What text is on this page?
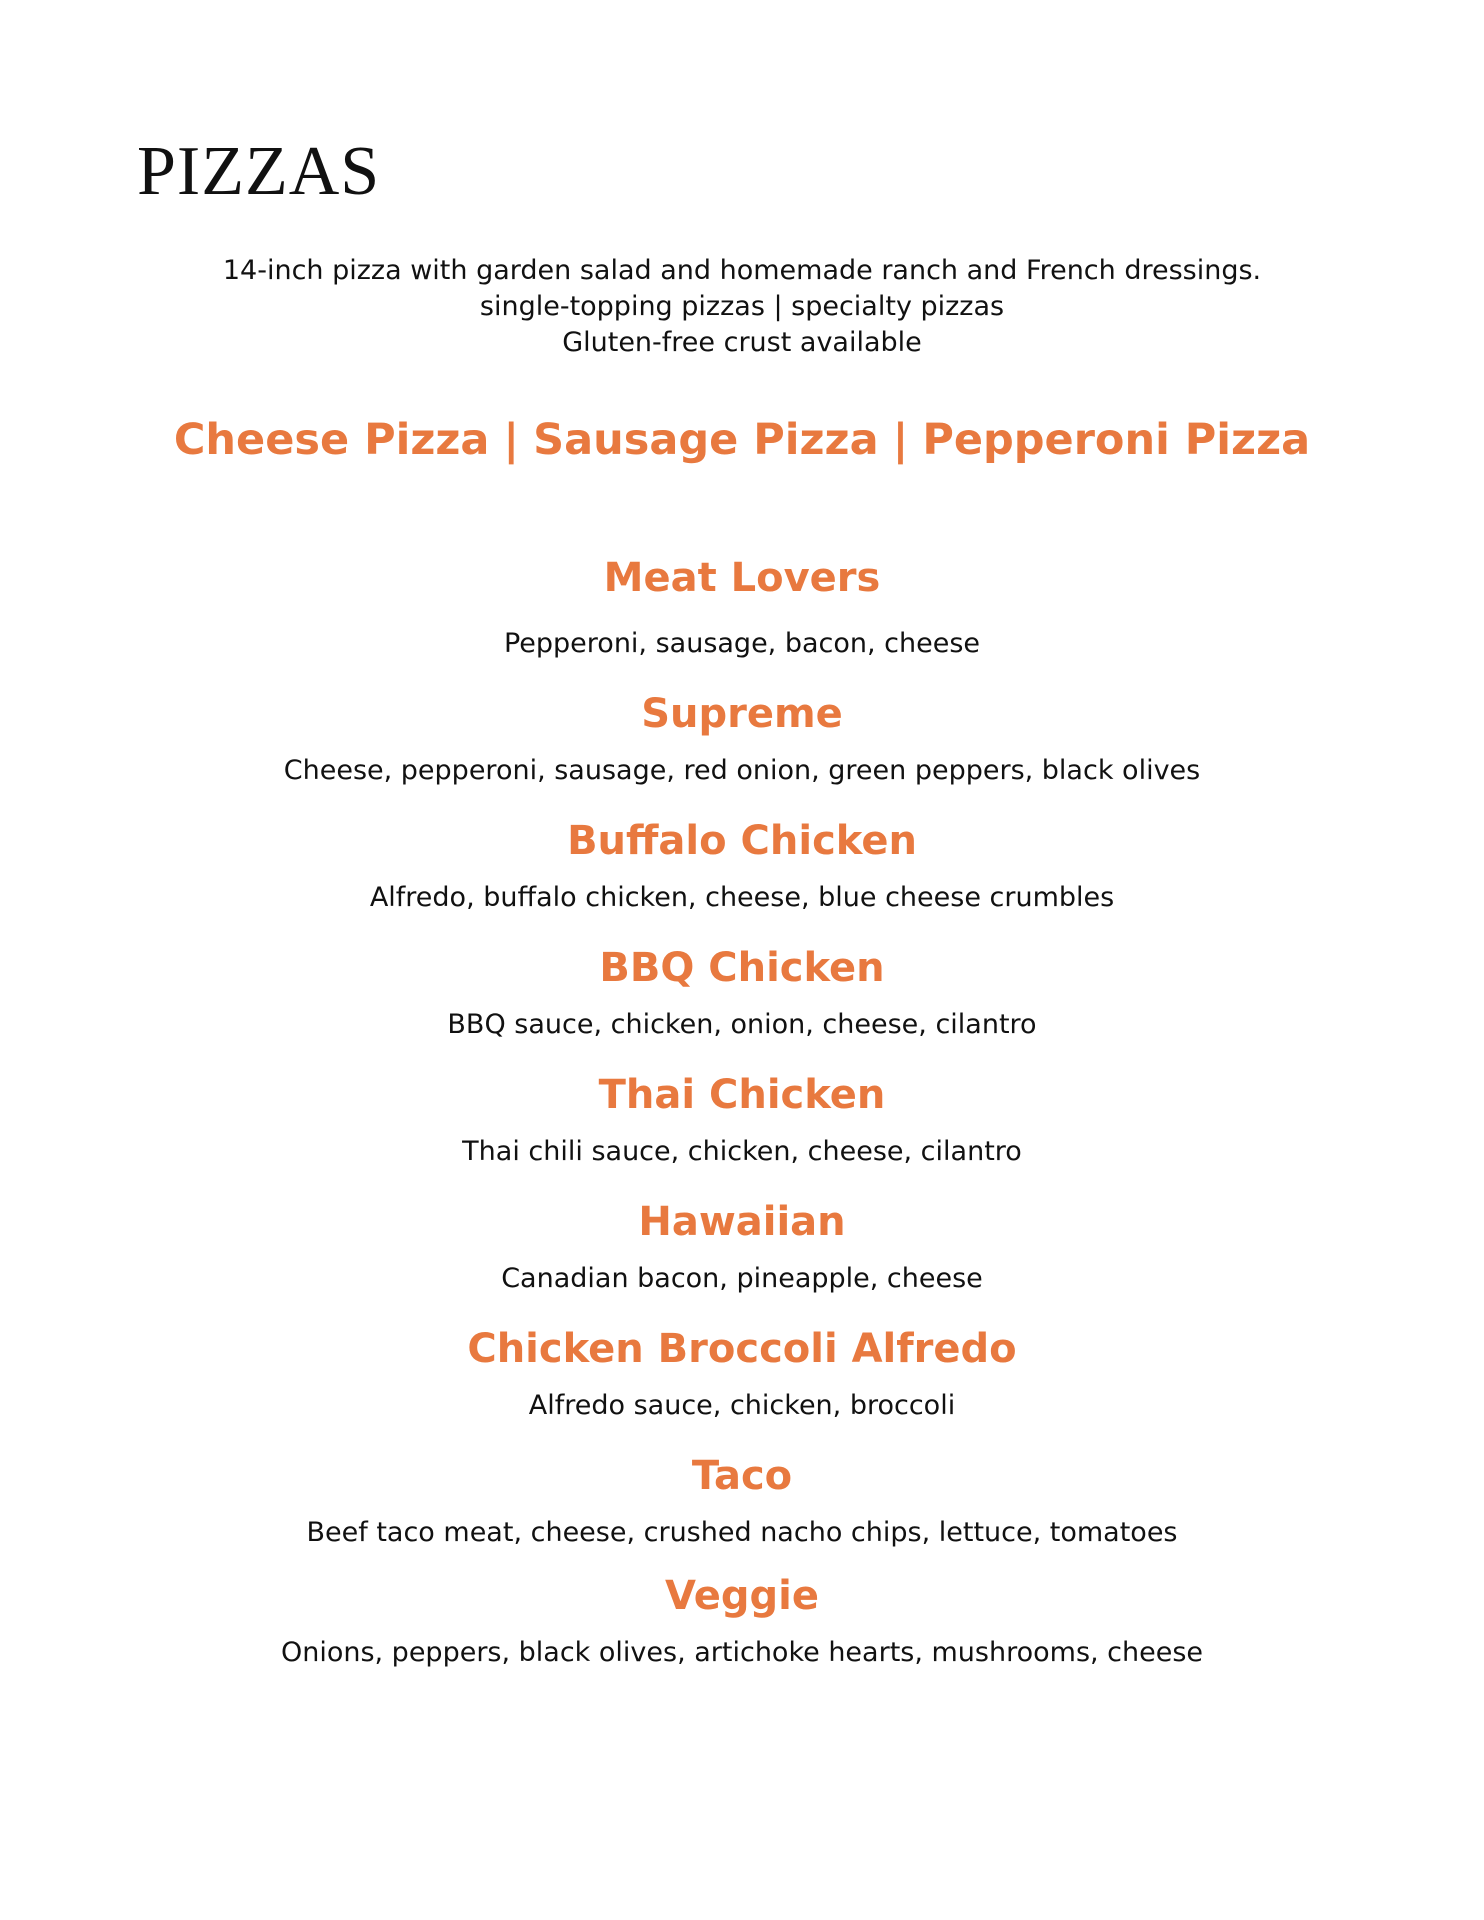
PIZZAS
14-inch pizza with garden salad and homemade ranch and French dressings.
single-topping pizzas | specialty pizzas
Gluten-free crust available
Cheese Pizza | Sausage Pizza | Pepperoni Pizza
Meat Lovers
Pepperoni, sausage, bacon, cheese
Supreme
Cheese, pepperoni, sausage, red onion, green peppers, black olives
Buffalo Chicken
Alfredo, buffalo chicken, cheese, blue cheese crumbles
BBQ Chicken
BBQ sauce, chicken, onion, cheese, cilantro
Thai Chicken
Thai chili sauce, chicken, cheese, cilantro
Hawaiian
Canadian bacon, pineapple, cheese
Chicken Broccoli Alfredo
Alfredo sauce, chicken, broccoli
Taco
Beef taco meat, cheese, crushed nacho chips, lettuce, tomatoes
Veggie
Onions, peppers, black olives, artichoke hearts, mushrooms, cheese
